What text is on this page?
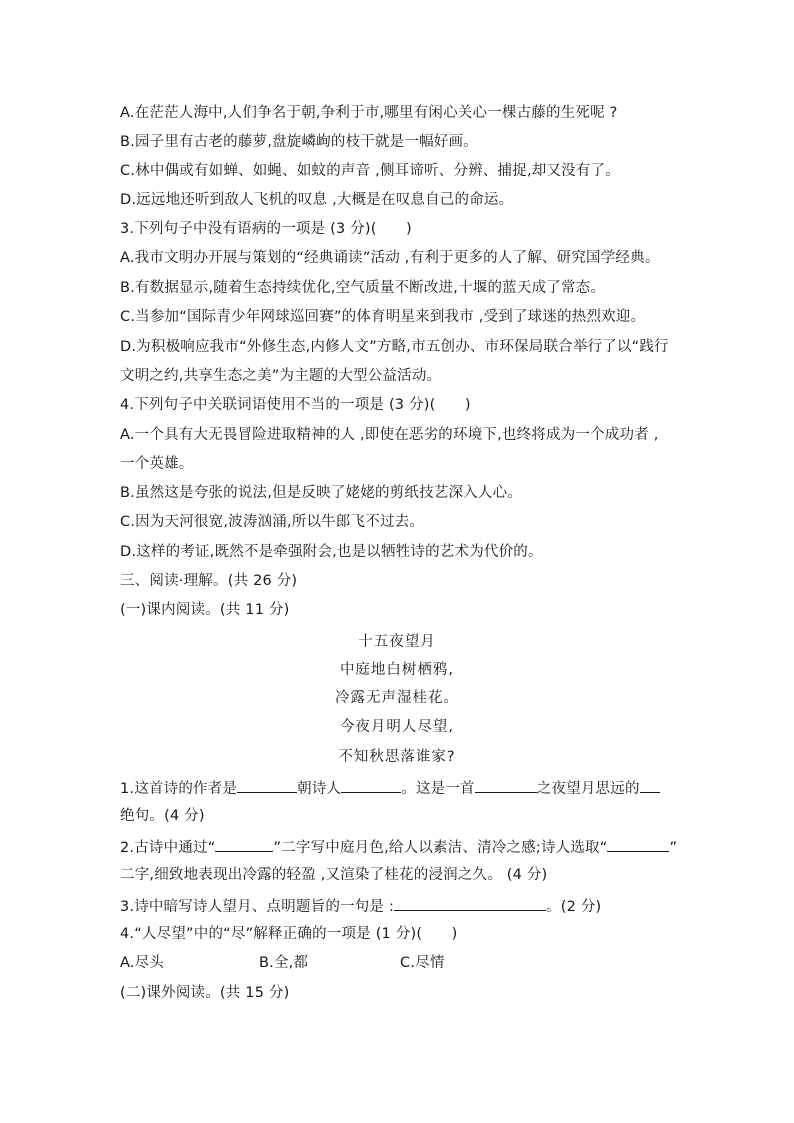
A.在茫茫人海中,人们争名于朝,争利于市,哪里有闲心关心一棵古藤的生死呢 ?
B.园子里有古老的藤萝,盘旋嶙峋的枝干就是一幅好画。
C.林中偶或有如蝉、如蝇、如蚊的声音 ,侧耳谛听、分辨、捕捉,却又没有了。
D.远远地还听到敌人飞机的叹息 ,大概是在叹息自己的命运。
3.下列句子中没有语病的一项是 (3 分)(　　)
A.我市文明办开展与策划的“经典诵读”活动 ,有利于更多的人了解、研究国学经典。
B.有数据显示,随着生态持续优化,空气质量不断改进,十堰的蓝天成了常态。
C.当参加“国际青少年网球巡回赛”的体育明星来到我市 ,受到了球迷的热烈欢迎。
D.为积极响应我市“外修生态,内修人文”方略,市五创办、市环保局联合举行了以“践行
文明之约,共享生态之美”为主题的大型公益活动。
4.下列句子中关联词语使用不当的一项是 (3 分)(　　)
A.一个具有大无畏冒险进取精神的人 ,即使在恶劣的环境下,也终将成为一个成功者 ,
一个英雄。
B.虽然这是夸张的说法,但是反映了姥姥的剪纸技艺深入人心。
C.因为天河很宽,波涛汹涌,所以牛郎飞不过去。
D.这样的考证,既然不是牵强附会,也是以牺牲诗的艺术为代价的。
三、阅读·理解。(共 26 分)
(一)课内阅读。(共 11 分)
十五夜望月
中庭地白树栖鸦,
冷露无声湿桂花。
今夜月明人尽望,
不知秋思落谁家?
1.这首诗的作者是	朝诗人	。这是一首	之夜望月思远的
绝句。(4 分)
2.古诗中通过“	”二字写中庭月色,给人以素洁、清冷之感;诗人选取“	”
二字,细致地表现出冷露的轻盈 ,又渲染了桂花的浸润之久。 (4 分)
3.诗中暗写诗人望月、点明题旨的一句是 :	。(2 分)
4.“人尽望”中的“尽”解释正确的一项是 (1 分)(　　)
A.尽头	B.全,都	C.尽情
(二)课外阅读。(共 15 分)
